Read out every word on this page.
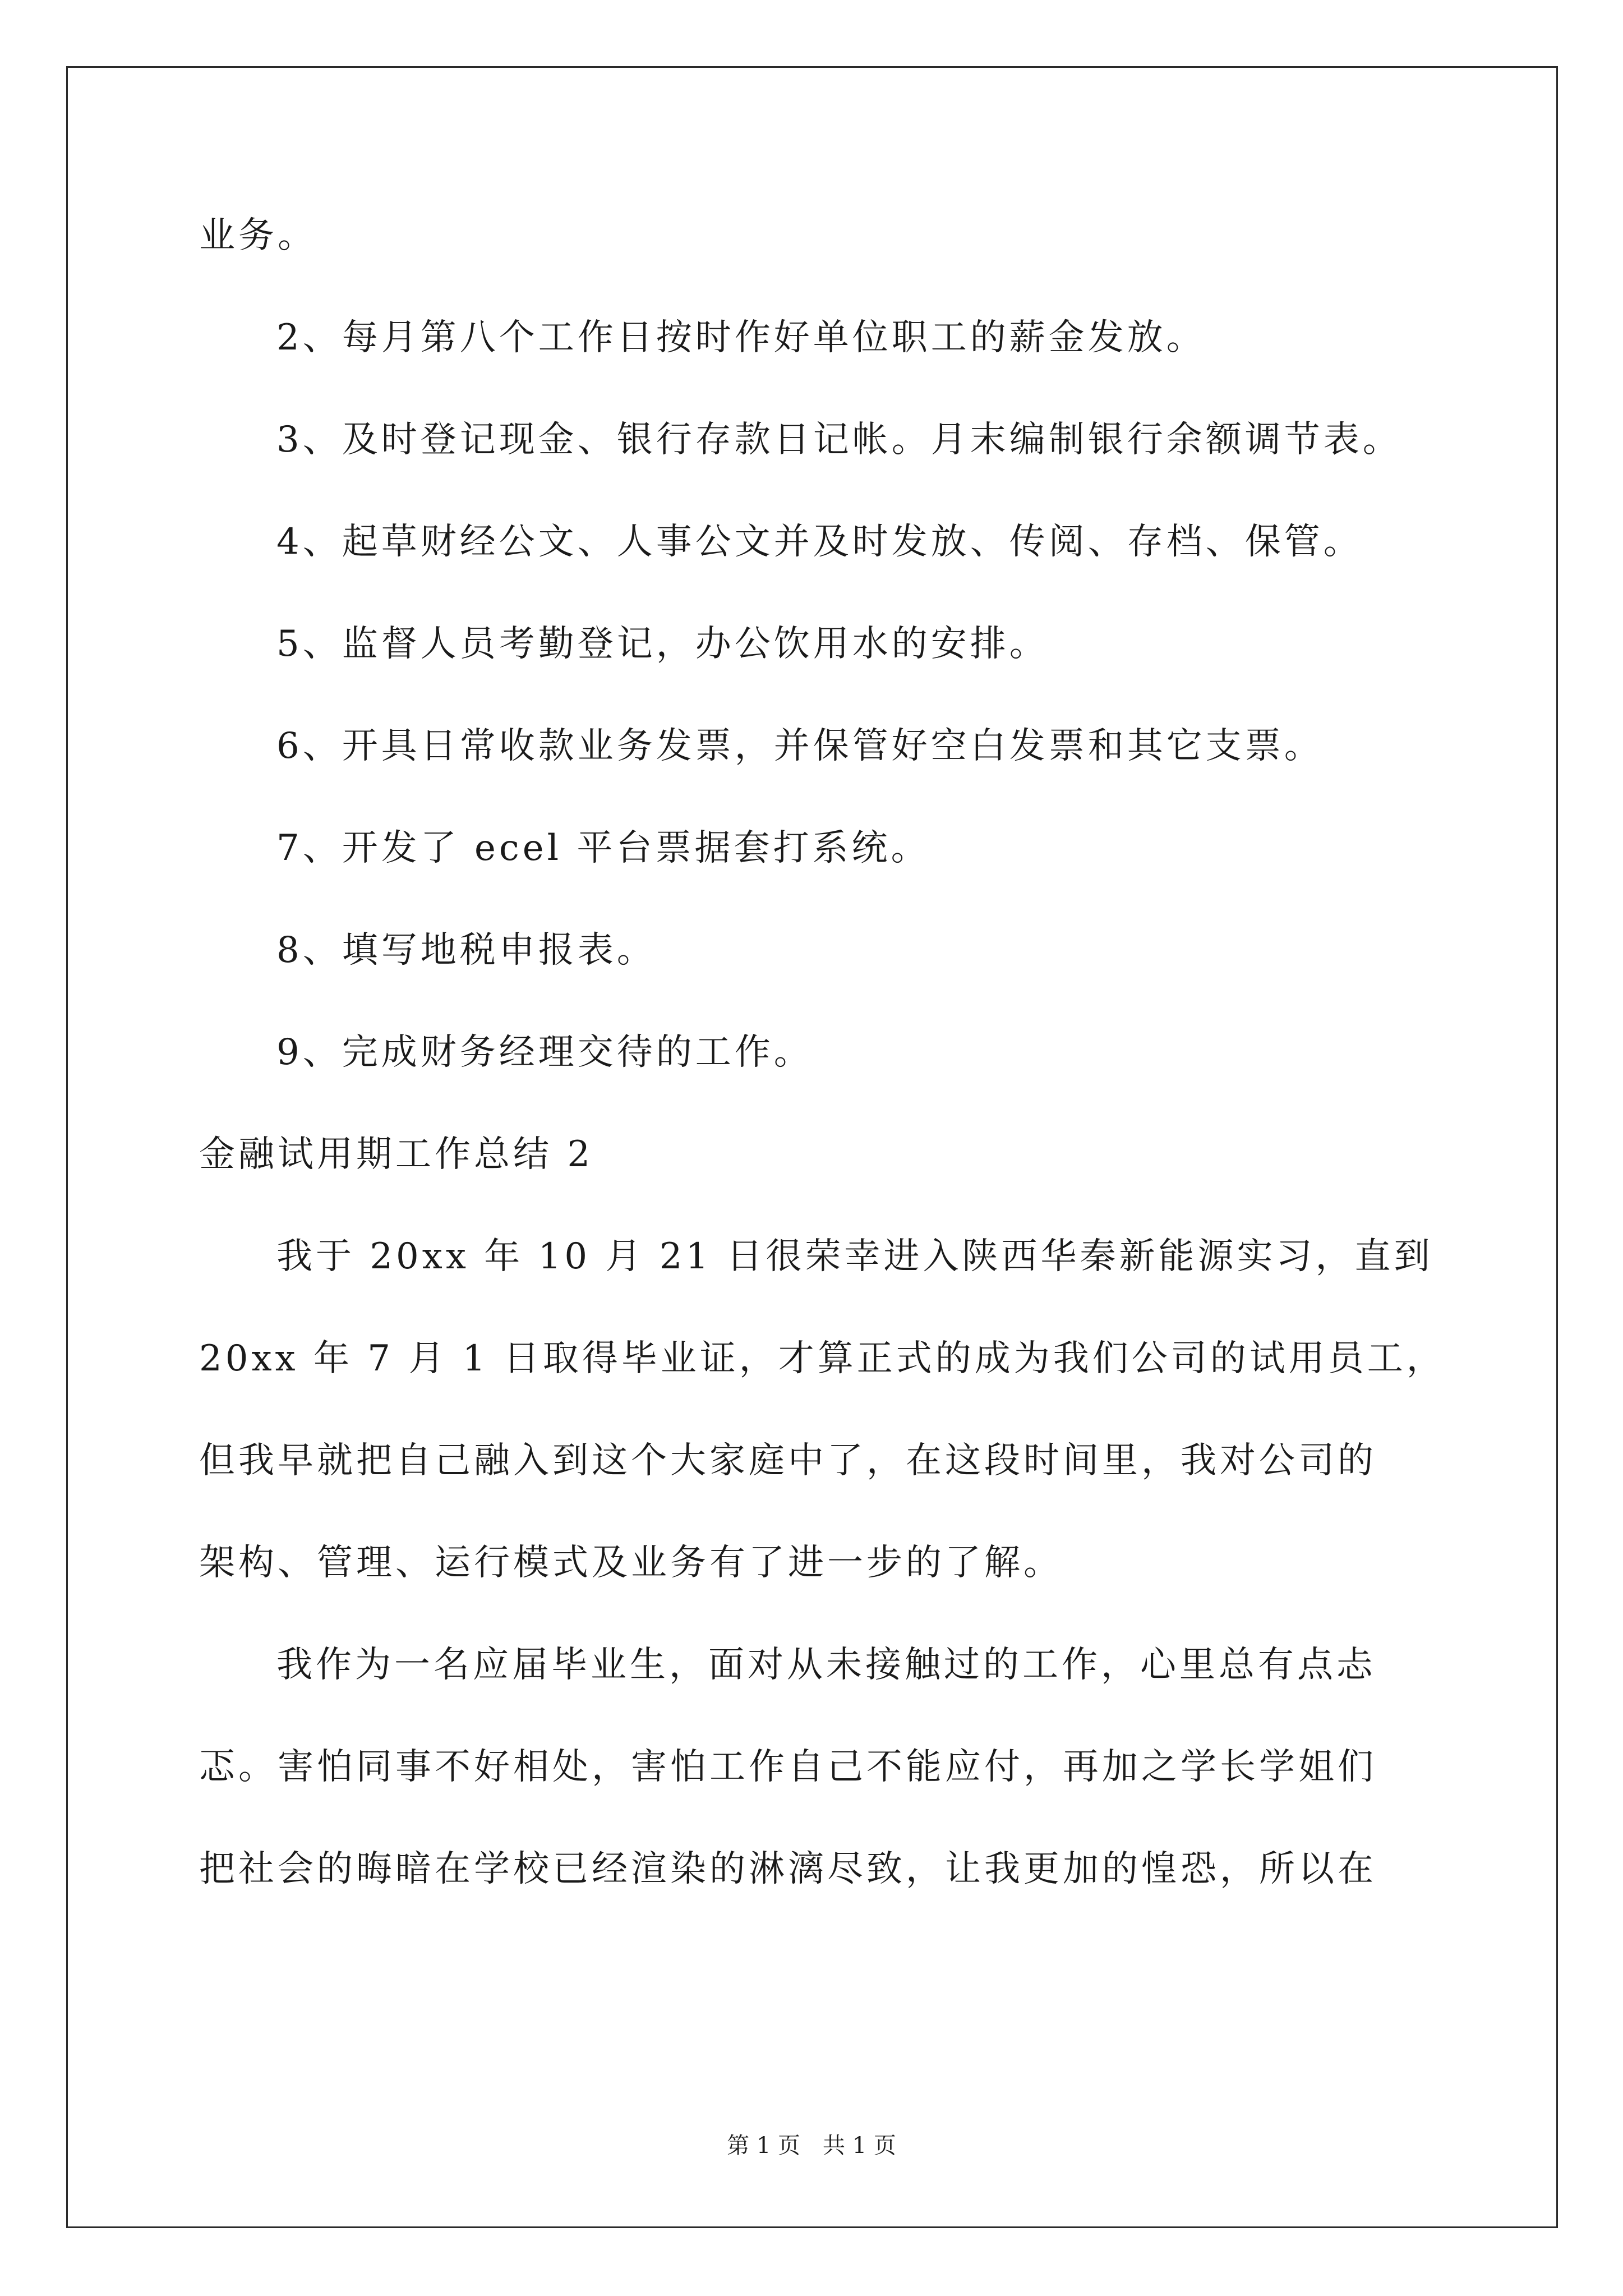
业务。
2、每月第八个工作日按时作好单位职工的薪金发放。
3、及时登记现金、银行存款日记帐。月末编制银行余额调节表。
4、起草财经公文、人事公文并及时发放、传阅、存档、保管。
5、监督人员考勤登记，办公饮用水的安排。
6、开具日常收款业务发票，并保管好空白发票和其它支票。
7、开发了 ecel 平台票据套打系统。
8、填写地税申报表。
9、完成财务经理交待的工作。
金融试用期工作总结 2
我于 20xx 年 10 月 21 日很荣幸进入陕西华秦新能源实习，直到
20xx 年 7 月 1 日取得毕业证，才算正式的成为我们公司的试用员工，
但我早就把自己融入到这个大家庭中了，在这段时间里，我对公司的
架构、管理、运行模式及业务有了进一步的了解。
我作为一名应届毕业生，面对从未接触过的工作，心里总有点忐
忑。害怕同事不好相处，害怕工作自己不能应付，再加之学长学姐们
把社会的晦暗在学校已经渲染的淋漓尽致，让我更加的惶恐，所以在
第 1 页　共 1 页
